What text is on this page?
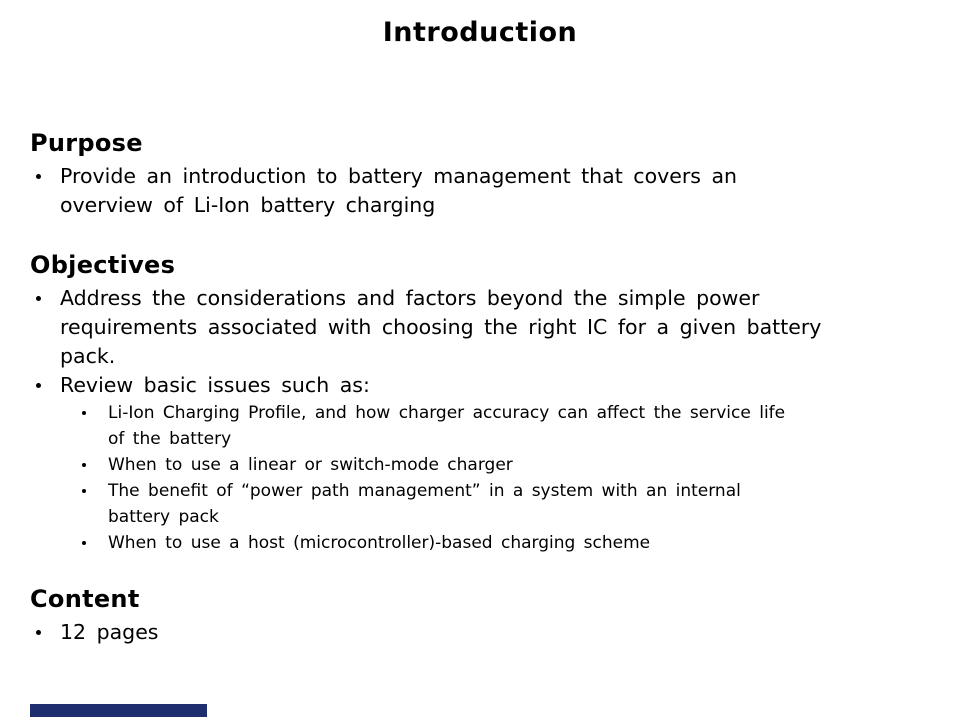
Introduction
Purpose
Provide an introduction to battery management that covers an
overview of Li-Ion battery charging
Objectives
Address the considerations and factors beyond the simple power
requirements associated with choosing the right IC for a given battery
pack.
Review basic issues such as:
Li-Ion Charging Profile, and how charger accuracy can affect the service life
of the battery
When to use a linear or switch-mode charger
The benefit of “power path management” in a system with an internal
battery pack
When to use a host (microcontroller)-based charging scheme
Content
12 pages
